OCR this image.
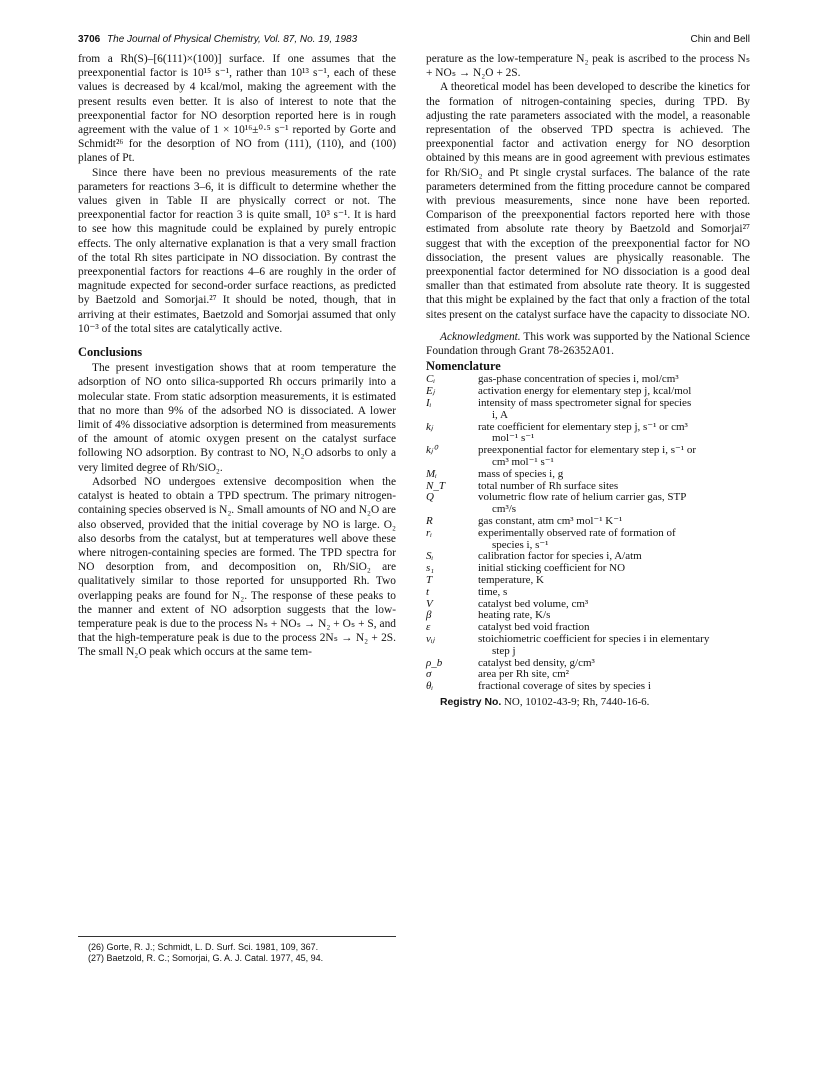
3706 The Journal of Physical Chemistry, Vol. 87, No. 19, 1983	Chin and Bell

from a Rh(S)–[6(111)×(100)] surface. If one assumes that the preexponential factor is 10¹⁵ s⁻¹, rather than 10¹³ s⁻¹, each of these values is decreased by 4 kcal/mol, making the agreement with the present results even better. It is also of interest to note that the preexponential factor for NO desorption reported here is in rough agreement with the value of 1 × 10¹⁶±⁰·⁵ s⁻¹ reported by Gorte and Schmidt²⁶ for the desorption of NO from (111), (110), and (100) planes of Pt.

Since there have been no previous measurements of the rate parameters for reactions 3–6, it is difficult to determine whether the values given in Table II are physically correct or not. The preexponential factor for reaction 3 is quite small, 10³ s⁻¹. It is hard to see how this magnitude could be explained by purely entropic effects. The only alternative explanation is that a very small fraction of the total Rh sites participate in NO dissociation. By contrast the preexponential factors for reactions 4–6 are roughly in the order of magnitude expected for second-order surface reactions, as predicted by Baetzold and Somorjai.²⁷ It should be noted, though, that in arriving at their estimates, Baetzold and Somorjai assumed that only 10⁻³ of the total sites are catalytically active.

Conclusions

The present investigation shows that at room temperature the adsorption of NO onto silica-supported Rh occurs primarily into a molecular state. From static adsorption measurements, it is estimated that no more than 9% of the adsorbed NO is dissociated. A lower limit of 4% dissociative adsorption is determined from measurements of the amount of atomic oxygen present on the catalyst surface following NO adsorption. By contrast to NO, N₂O adsorbs to only a very limited degree of Rh/SiO₂.

Adsorbed NO undergoes extensive decomposition when the catalyst is heated to obtain a TPD spectrum. The primary nitrogen-containing species observed is N₂. Small amounts of NO and N₂O are also observed, provided that the initial coverage by NO is large. O₂ also desorbs from the catalyst, but at temperatures well above these where nitrogen-containing species are formed. The TPD spectra for NO desorption from, and decomposition on, Rh/SiO₂ are qualitatively similar to those reported for unsupported Rh. Two overlapping peaks are found for N₂. The response of these peaks to the manner and extent of NO adsorption suggests that the low-temperature peak is due to the process Nₛ + NOₛ → N₂ + Oₛ + S, and that the high-temperature peak is due to the process 2Nₛ → N₂ + 2S. The small N₂O peak which occurs at the same tem-

(26) Gorte, R. J.; Schmidt, L. D. Surf. Sci. 1981, 109, 367.

(27) Baetzold, R. C.; Somorjai, G. A. J. Catal. 1977, 45, 94.

perature as the low-temperature N₂ peak is ascribed to the process Nₛ + NOₛ → N₂O + 2S.

A theoretical model has been developed to describe the kinetics for the formation of nitrogen-containing species, during TPD. By adjusting the rate parameters associated with the model, a reasonable representation of the observed TPD spectra is achieved. The preexponential factor and activation energy for NO desorption obtained by this means are in good agreement with previous estimates for Rh/SiO₂ and Pt single crystal surfaces. The balance of the rate parameters determined from the fitting procedure cannot be compared with previous measurements, since none have been reported. Comparison of the preexponential factors reported here with those estimated from absolute rate theory by Baetzold and Somorjai²⁷ suggest that with the exception of the preexponential factor for NO dissociation, the present values are physically reasonable. The preexponential factor determined for NO dissociation is a good deal smaller than that estimated from absolute rate theory. It is suggested that this might be explained by the fact that only a fraction of the total sites present on the catalyst surface have the capacity to dissociate NO.

Acknowledgment. This work was supported by the National Science Foundation through Grant 78-26352A01.

Nomenclature
Cᵢ	gas-phase concentration of species i, mol/cm³
Eⱼ	activation energy for elementary step j, kcal/mol
Iᵢ	intensity of mass spectrometer signal for species
i, A
kⱼ	rate coefficient for elementary step j, s⁻¹ or cm³
mol⁻¹ s⁻¹
kⱼ⁰	preexponential factor for elementary step i, s⁻¹ or
cm³ mol⁻¹ s⁻¹
Mᵢ	mass of species i, g
N_T	total number of Rh surface sites
Q	volumetric flow rate of helium carrier gas, STP
cm³/s
R	gas constant, atm cm³ mol⁻¹ K⁻¹
rᵢ	experimentally observed rate of formation of
species i, s⁻¹
Sᵢ	calibration factor for species i, A/atm
s₁	initial sticking coefficient for NO
T	temperature, K
t	time, s
V	catalyst bed volume, cm³
β	heating rate, K/s
ε	catalyst bed void fraction
νᵢⱼ	stoichiometric coefficient for species i in elementary
step j
ρ_b	catalyst bed density, g/cm³
σ	area per Rh site, cm²
θᵢ	fractional coverage of sites by species i

Registry No. NO, 10102-43-9; Rh, 7440-16-6.
